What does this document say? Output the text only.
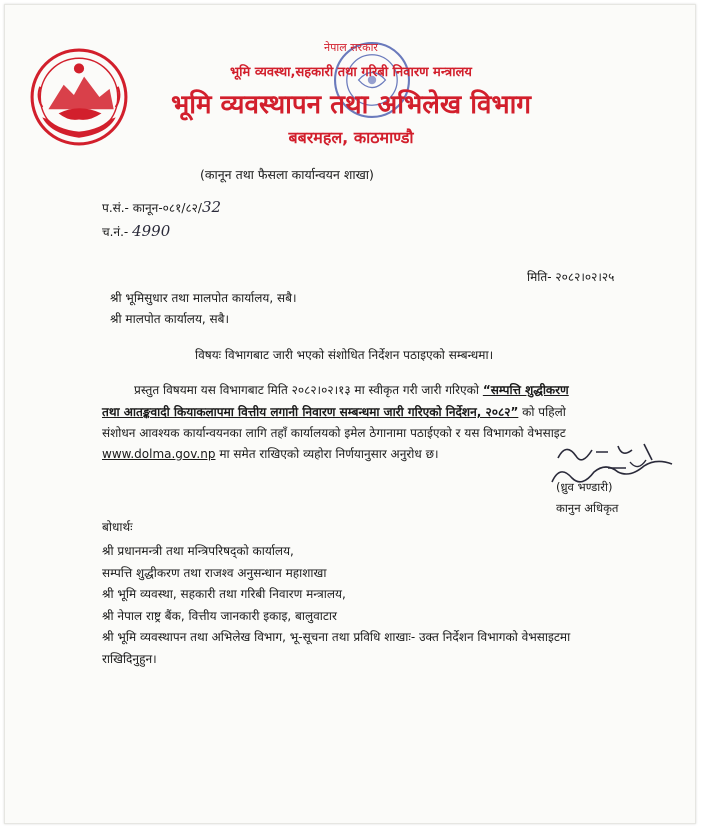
नेपाल सरकार
भूमि व्यवस्था,सहकारी तथा गरिबी निवारण मन्त्रालय
भूमि व्यवस्थापन तथा अभिलेख विभाग
बबरमहल, काठमाण्डौ
(कानून तथा फैसला कार्यान्वयन शाखा)
प.सं.- कानून-०८१/८२/32
च.नं.- 4990
मिति- २०८२।०२।२५
श्री भूमिसुधार तथा मालपोत कार्यालय, सबै।
श्री मालपोत कार्यालय, सबै।
विषयः विभागबाट जारी भएको संशोधित निर्देशन पठाइएको सम्बन्धमा।
प्रस्तुत विषयमा यस विभागबाट मिति २०८२।०२।१३ मा स्वीकृत गरी जारी गरिएको “सम्पत्ति शुद्धीकरण
तथा आतङ्कवादी कियाकलापमा वित्तीय लगानी निवारण सम्बन्धमा जारी गरिएको निर्देशन, २०८२” को पहिलो
संशोधन आवश्यक कार्यान्वयनका लागि तहाँ कार्यालयको इमेल ठेगानामा पठाईएको र यस विभागको वेभसाइट
www.dolma.gov.np मा समेत राखिएको व्यहोरा निर्णयानुसार अनुरोध छ।
(ध्रुव भण्डारी)
कानुन अधिकृत
बोधार्थः
श्री प्रधानमन्त्री तथा मन्त्रिपरिषद्को कार्यालय,
सम्पत्ति शुद्धीकरण तथा राजश्व अनुसन्धान महाशाखा
श्री भूमि व्यवस्था, सहकारी तथा गरिबी निवारण मन्त्रालय,
श्री नेपाल राष्ट्र बैंक, वित्तीय जानकारी इकाइ, बालुवाटार
श्री भूमि व्यवस्थापन तथा अभिलेख विभाग, भू-सूचना तथा प्रविधि शाखाः- उक्त निर्देशन विभागको वेभसाइटमा
राखिदिनुहुन।
